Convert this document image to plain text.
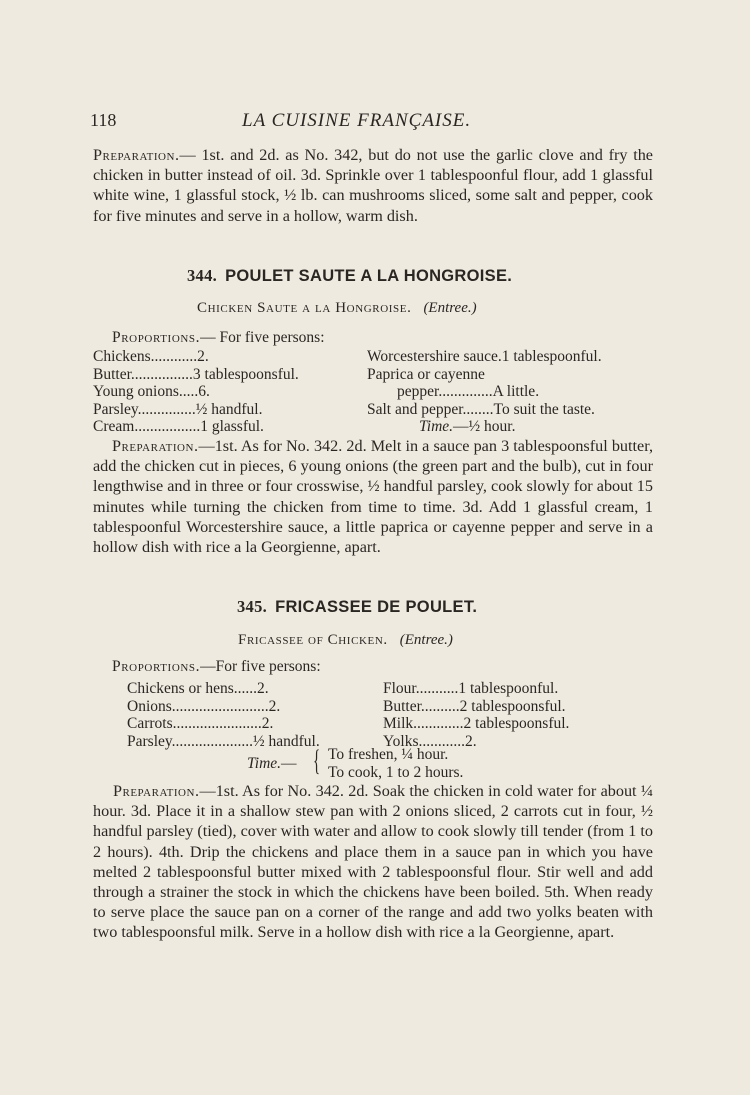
118	LA CUISINE FRANÇAISE.

Preparation.— 1st. and 2d. as No. 342, but do not use the garlic clove and fry the chicken in butter instead of oil. 3d. Sprinkle over 1 tablespoonful flour, add 1 glassful white wine, 1 glassful stock, ½ lb. can mushrooms sliced, some salt and pepper, cook for five minutes and serve in a hollow, warm dish.

344. POULET SAUTE A LA HONGROISE.
Chicken Saute a la Hongroise. (Entree.)
Proportions.— For five persons:
Chickens............2.
Butter................3 tablespoonsful.
Young onions.....6.
Parsley...............½ handful.
Cream.................1 glassful.
Worcestershire sauce.1 tablespoonful.
Paprica or cayenne
pepper..............A little.
Salt and pepper........To suit the taste.
Time.—½ hour.

Preparation.—1st. As for No. 342. 2d. Melt in a sauce pan 3 tablespoonsful butter, add the chicken cut in pieces, 6 young onions (the green part and the bulb), cut in four lengthwise and in three or four crosswise, ½ handful parsley, cook slowly for about 15 minutes while turning the chicken from time to time. 3d. Add 1 glassful cream, 1 tablespoonful Worcestershire sauce, a little paprica or cayenne pepper and serve in a hollow dish with rice a la Georgienne, apart.

345. FRICASSEE DE POULET.
Fricassee of Chicken. (Entree.)
Proportions.—For five persons:
Chickens or hens......2.
Onions.........................2.
Carrots.......................2.
Parsley.....................½ handful.
Flour...........1 tablespoonful.
Butter..........2 tablespoonsful.
Milk.............2 tablespoonsful.
Yolks............2.
Time.— { To freshen, ¼ hour.
To cook, 1 to 2 hours.

Preparation.—1st. As for No. 342. 2d. Soak the chicken in cold water for about ¼ hour. 3d. Place it in a shallow stew pan with 2 onions sliced, 2 carrots cut in four, ½ handful parsley (tied), cover with water and allow to cook slowly till tender (from 1 to 2 hours). 4th. Drip the chickens and place them in a sauce pan in which you have melted 2 tablespoonsful butter mixed with 2 tablespoonsful flour. Stir well and add through a strainer the stock in which the chickens have been boiled. 5th. When ready to serve place the sauce pan on a corner of the range and add two yolks beaten with two tablespoonsful milk. Serve in a hollow dish with rice a la Georgienne, apart.
